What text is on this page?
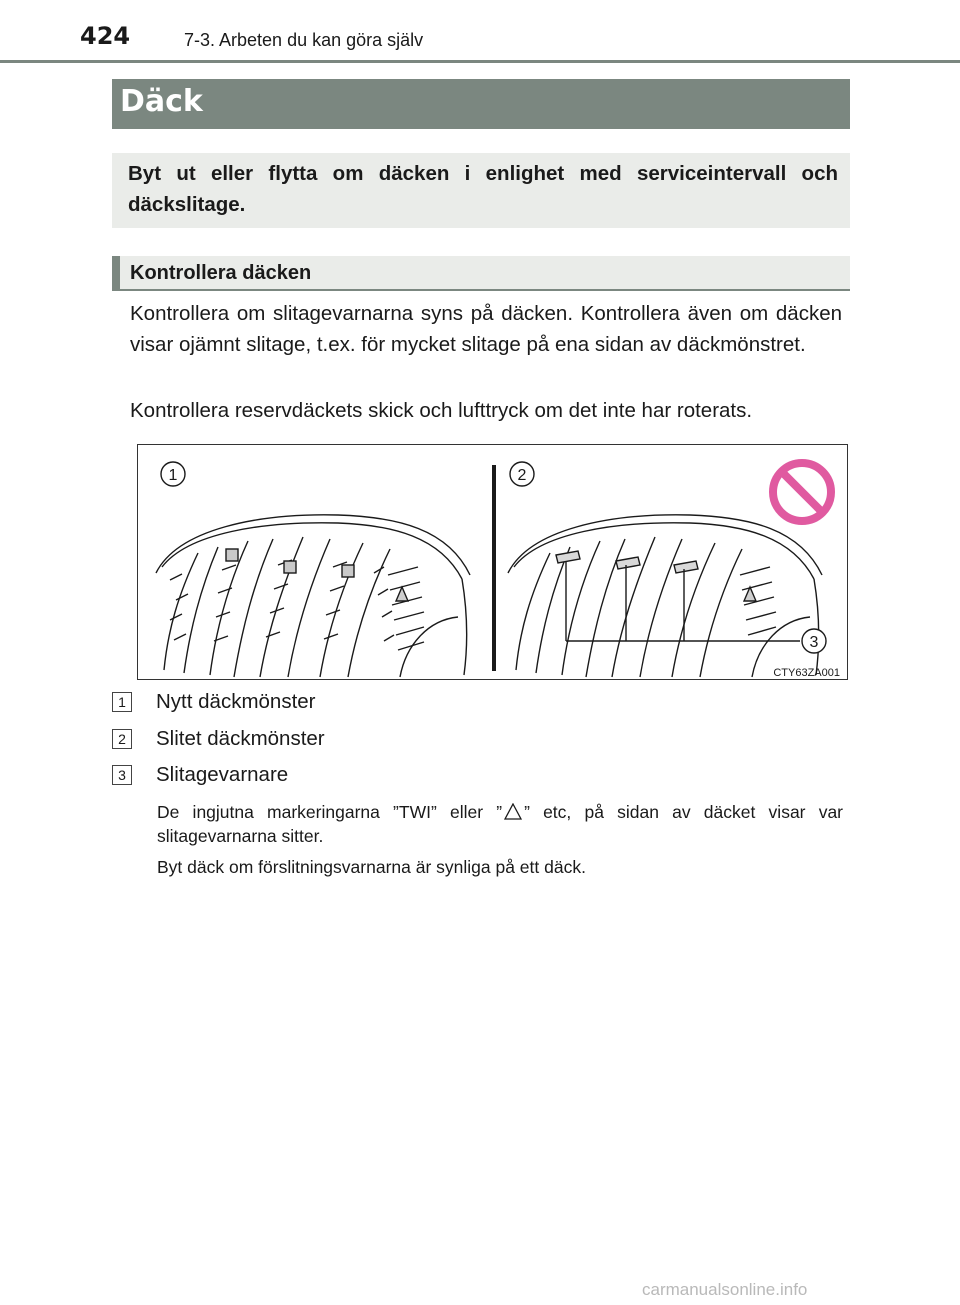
424	7-3. Arbeten du kan göra själv
Däck

Byt ut eller flytta om däcken i enlighet med serviceintervall och däckslitage.

Kontrollera däcken

Kontrollera om slitagevarnarna syns på däcken. Kontrollera även om däcken visar ojämnt slitage, t.ex. för mycket slitage på ena sidan av däckmönstret.

Kontrollera reservdäckets skick och lufttryck om det inte har roterats.

1	2
3
CTY63ZA001
1 Nytt däckmönster
2 Slitet däckmönster
3 Slitagevarnare

De ingjutna markeringarna ”TWI” eller ” ” etc, på sidan av däcket visar var slitagevarnarna sitter.

Byt däck om förslitningsvarnarna är synliga på ett däck.

carmanualsonline.info
